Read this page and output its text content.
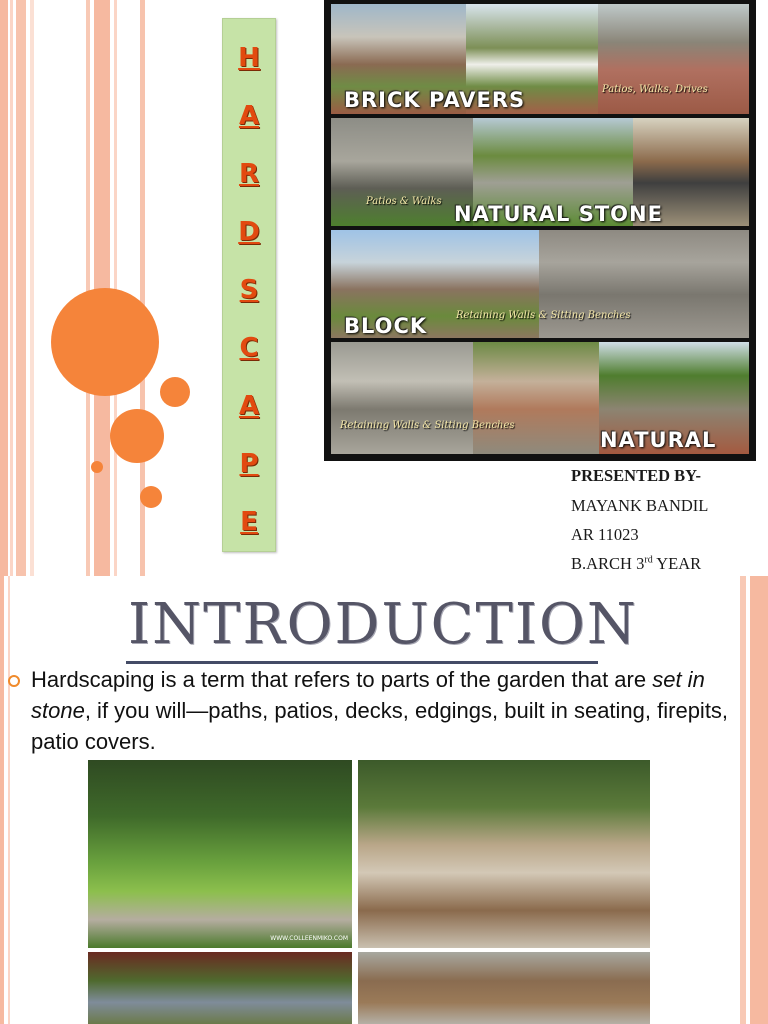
H
A
R
D
S
C
A
P
E
BRICK PAVERS	Patios, Walks, Drives
NATURAL STONE
Patios & Walks
BLOCK	Retaining Walls & Sitting Benches
NATURAL
Retaining Walls & Sitting Benches
PRESENTED BY-
MAYANK BANDIL
AR 11023
B.ARCH 3rd YEAR
INTRODUCTION
Hardscaping is a term that refers to parts of the garden that are set in stone, if you will—paths, patios, decks, edgings, built in seating, firepits, patio covers.
WWW.COLLEENMIKO.COM
